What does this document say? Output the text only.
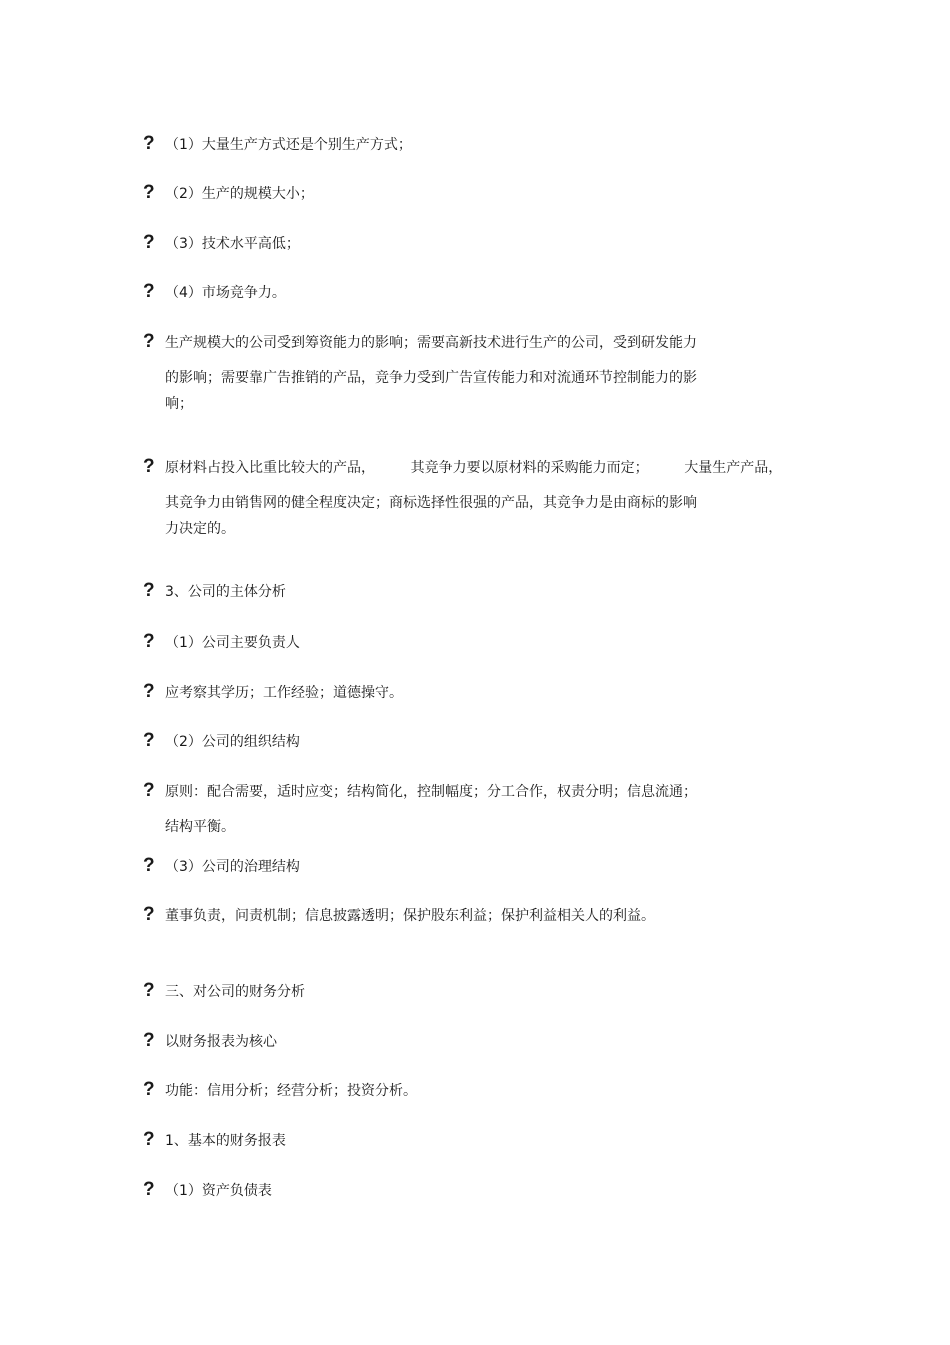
? （1）大量生产方式还是个别生产方式；
? （2）生产的规模大小；
? （3）技术水平高低；
? （4）市场竞争力。
? 生产规模大的公司受到筹资能力的影响；需要高新技术进行生产的公司，受到研发能力
的影响；需要靠广告推销的产品，竞争力受到广告宣传能力和对流通环节控制能力的影
响；
? 原材料占投入比重比较大的产品，        其竞争力要以原材料的采购能力而定；        大量生产产品，
其竞争力由销售网的健全程度决定；商标选择性很强的产品，其竞争力是由商标的影响
力决定的。
? 3、公司的主体分析
? （1）公司主要负责人
? 应考察其学历；工作经验；道德操守。
? （2）公司的组织结构
? 原则：配合需要，适时应变；结构简化，控制幅度；分工合作，权责分明；信息流通；
结构平衡。
? （3）公司的治理结构
? 董事负责，问责机制；信息披露透明；保护股东利益；保护利益相关人的利益。
? 三、对公司的财务分析
? 以财务报表为核心
? 功能：信用分析；经营分析；投资分析。
? 1、基本的财务报表
? （1）资产负债表
